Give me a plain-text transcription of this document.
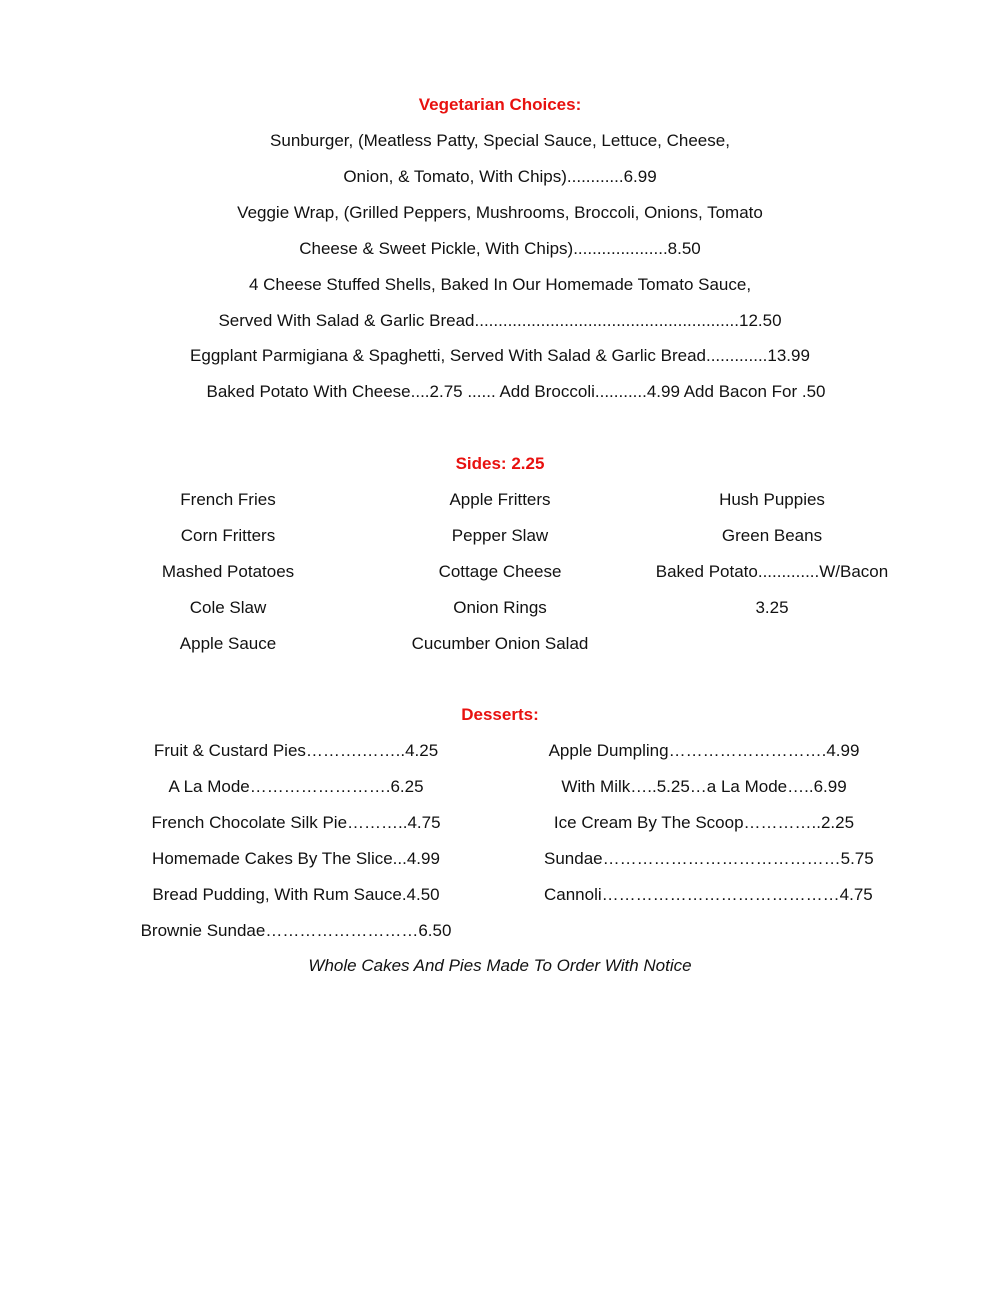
Vegetarian Choices:
Sunburger, (Meatless Patty, Special Sauce, Lettuce, Cheese,
Onion, & Tomato, With Chips)............6.99
Veggie Wrap, (Grilled Peppers, Mushrooms, Broccoli, Onions, Tomato
Cheese & Sweet Pickle, With Chips)....................8.50
4 Cheese Stuffed Shells, Baked In Our Homemade Tomato Sauce,
Served With Salad & Garlic Bread........................................................12.50
Eggplant Parmigiana & Spaghetti, Served With Salad & Garlic Bread.............13.99
Baked Potato With Cheese....2.75 ...... Add Broccoli...........4.99 Add Bacon For .50
Sides: 2.25
French Fries
Corn Fritters
Mashed Potatoes
Cole Slaw
Apple Sauce
Apple Fritters
Pepper Slaw
Cottage Cheese
Onion Rings
Cucumber Onion Salad
Hush Puppies
Green Beans
Baked Potato.............W/Bacon
3.25
Desserts:
Fruit & Custard Pies……….……..4.25
A La Mode…………………….6.25
French Chocolate Silk Pie………..4.75
Homemade Cakes By The Slice...4.99
Bread Pudding, With Rum Sauce.4.50
Brownie Sundae………………………6.50
Apple Dumpling……………………….4.99
With Milk…..5.25…a La Mode…..6.99
Ice Cream By The Scoop…………..2.25
Sundae……………………………………5.75
Cannoli……………………………………4.75
Whole Cakes And Pies Made To Order With Notice
